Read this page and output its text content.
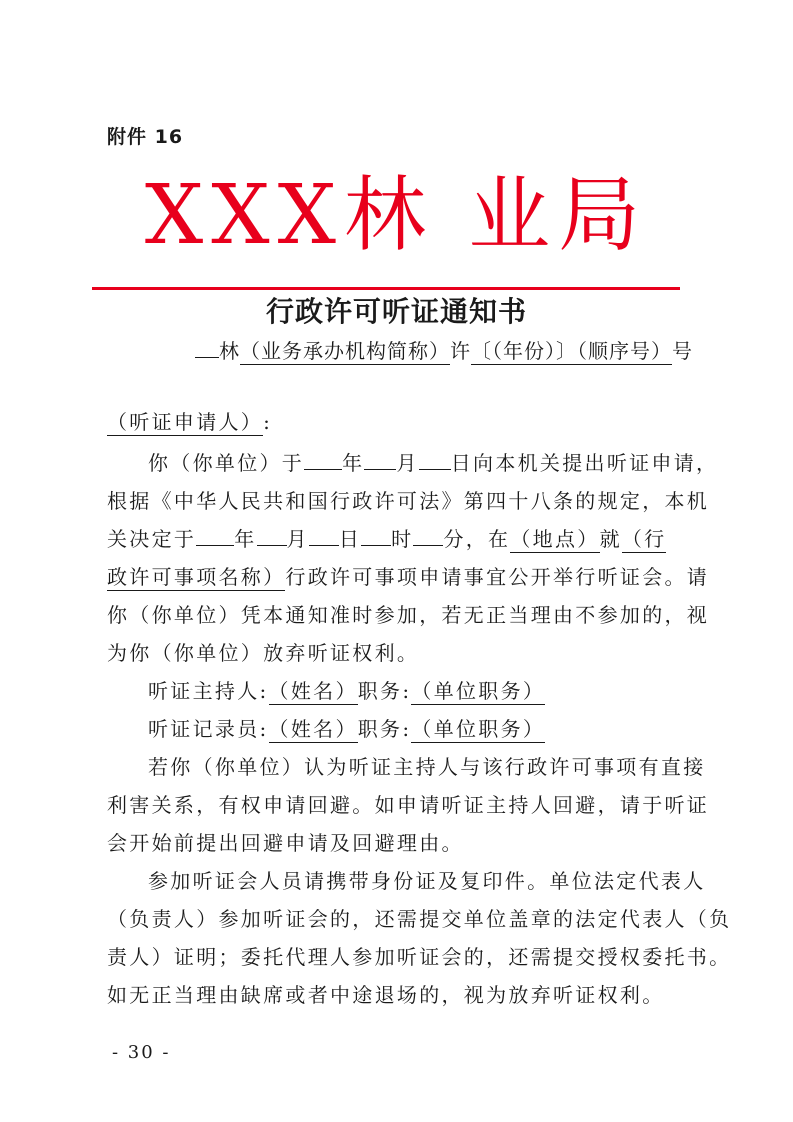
附件 16
XXX林 业局
行政许可听证通知书
林（业务承办机构简称）许〔（年份）〕（顺序号）号
（听证申请人）:
你（你单位）于 年 月 日向本机关提出听证申请，
根据《中华人民共和国行政许可法》第四十八条的规定，本机
关决定于 年 月 日 时 分，在（地点）就（行
政许可事项名称）行政许可事项申请事宜公开举行听证会。请
你（你单位）凭本通知准时参加，若无正当理由不参加的，视
为你（你单位）放弃听证权利。
听证主持人:（姓名）职务:（单位职务）
听证记录员:（姓名）职务:（单位职务）
若你（你单位）认为听证主持人与该行政许可事项有直接
利害关系，有权申请回避。如申请听证主持人回避，请于听证
会开始前提出回避申请及回避理由。
参加听证会人员请携带身份证及复印件。单位法定代表人
（负责人）参加听证会的，还需提交单位盖章的法定代表人（负
责人）证明；委托代理人参加听证会的，还需提交授权委托书。
如无正当理由缺席或者中途退场的，视为放弃听证权利。
- 30 -
